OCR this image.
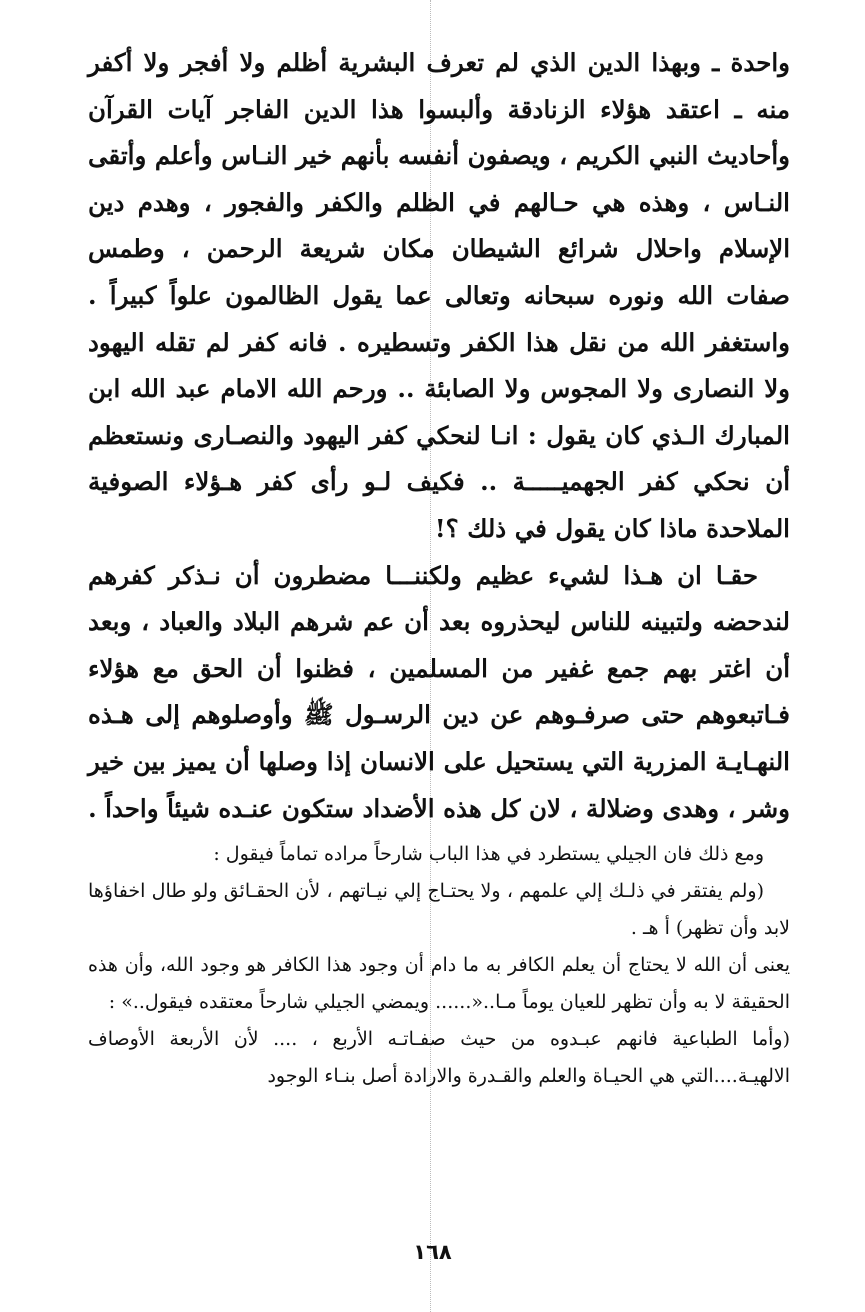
واحدة ـ وبهذا الدين الذي لم تعرف البشرية أظلم ولا أفجر ولا أكفر منه ـ اعتقد هؤلاء الزنادقة وألبسوا هذا الدين الفاجر آيات القرآن وأحاديث النبي الكريم ، ويصفون أنفسه بأنهم خير النـاس وأعلم وأتقى النـاس ، وهذه هي حـالهم في الظلم والكفر والفجور ، وهدم دين الإسلام واحلال شرائع الشيطان مكان شريعة الرحمن ، وطمس صفات الله ونوره سبحانه وتعالى عما يقول الظالمون علواً كبيراً . واستغفر الله من نقل هذا الكفر وتسطيره . فانه كفر لم تقله اليهود ولا النصارى ولا المجوس ولا الصابئة .. ورحم الله الامام عبد الله ابن المبارك الـذي كان يقول : انـا لنحكي كفر اليهود والنصـارى ونستعظم أن نحكي كفر الجهميـــــة .. فكيف لـو رأى كفر هـؤلاء الصوفية الملاحدة ماذا كان يقول في ذلك ؟!

حقـا ان هـذا لشيء عظيم ولكننـــا مضطرون أن نـذكر كفرهم لندحضه ولتبينه للناس ليحذروه بعد أن عم شرهم البلاد والعباد ، وبعد أن اغتر بهم جمع غفير من المسلمين ، فظنوا أن الحق مع هؤلاء فـاتبعوهم حتى صرفـوهم عن دين الرسـول ﷺ وأوصلوهم إلى هـذه النهـايـة المزرية التي يستحيل على الانسان إذا وصلها أن يميز بين خير وشر ، وهدى وضلالة ، لان كل هذه الأضداد ستكون عنـده شيئاً واحداً .

ومع ذلك فان الجيلي يستطرد في هذا الباب شارحاً مراده تماماً فيقول :

(ولم يفتقر في ذلـك إلي علمهم ، ولا يحتـاج إلي نيـاتهم ، لأن الحقـائق ولو طال اخفاؤها لابد وأن تظهر) أ هـ .

يعنى أن الله لا يحتاج أن يعلم الكافر به ما دام أن وجود هذا الكافر هو وجود الله، وأن هذه الحقيقة لا به وأن تظهر للعيان يوماً مـا..«...... ويمضي الجيلي شارحاً معتقده فيقول..» :

(وأما الطباعية فانهم عبـدوه من حيث صفـاتـه الأربع ، .... لأن الأربعة الأوصاف الالهيـة....التي هي الحيـاة والعلم والقـدرة والارادة أصل بنـاء الوجود

١٦٨
